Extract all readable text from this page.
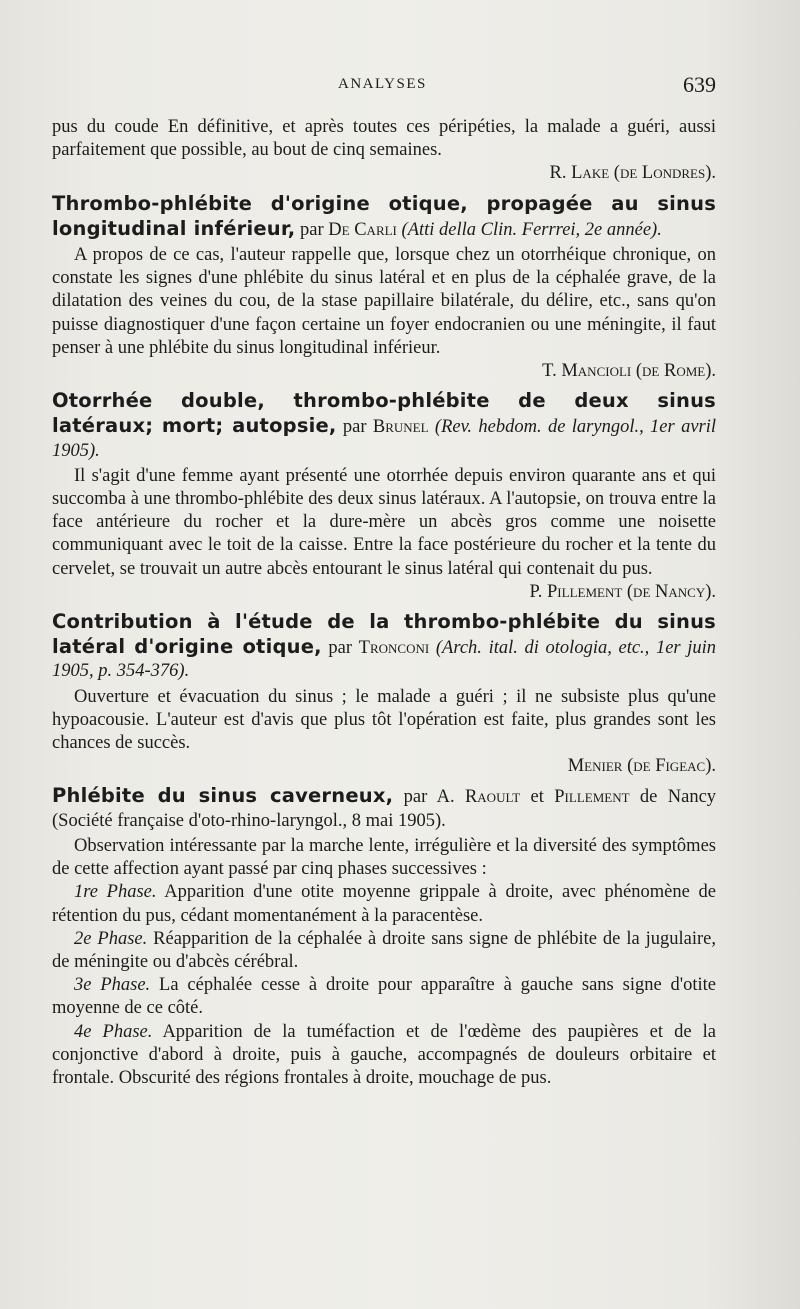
ANALYSES	639

pus du coude En définitive, et après toutes ces péripéties, la malade a guéri, aussi parfaitement que possible, au bout de cinq semaines.

R. Lake (de Londres).

Thrombo-phlébite d'origine otique, propagée au sinus longitudinal inférieur, par De Carli (Atti della Clin. Ferrrei, 2e année).

A propos de ce cas, l'auteur rappelle que, lorsque chez un otorrhéique chronique, on constate les signes d'une phlébite du sinus latéral et en plus de la céphalée grave, de la dilatation des veines du cou, de la stase papillaire bilatérale, du délire, etc., sans qu'on puisse diagnostiquer d'une façon certaine un foyer endocranien ou une méningite, il faut penser à une phlébite du sinus longitudinal inférieur.

T. Mancioli (de Rome).

Otorrhée double, thrombo-phlébite de deux sinus latéraux; mort; autopsie, par Brunel (Rev. hebdom. de laryngol., 1er avril 1905).

Il s'agit d'une femme ayant présenté une otorrhée depuis environ quarante ans et qui succomba à une thrombo-phlébite des deux sinus latéraux. A l'autopsie, on trouva entre la face antérieure du rocher et la dure-mère un abcès gros comme une noisette communiquant avec le toit de la caisse. Entre la face postérieure du rocher et la tente du cervelet, se trouvait un autre abcès entourant le sinus latéral qui contenait du pus.

P. Pillement (de Nancy).

Contribution à l'étude de la thrombo-phlébite du sinus latéral d'origine otique, par Tronconi (Arch. ital. di otologia, etc., 1er juin 1905, p. 354-376).

Ouverture et évacuation du sinus ; le malade a guéri ; il ne subsiste plus qu'une hypoacousie. L'auteur est d'avis que plus tôt l'opération est faite, plus grandes sont les chances de succès.

Menier (de Figeac).

Phlébite du sinus caverneux, par A. Raoult et Pillement de Nancy (Société française d'oto-rhino-laryngol., 8 mai 1905).

Observation intéressante par la marche lente, irrégulière et la diversité des symptômes de cette affection ayant passé par cinq phases successives :

1re Phase. Apparition d'une otite moyenne grippale à droite, avec phénomène de rétention du pus, cédant momentanément à la paracentèse.

2e Phase. Réapparition de la céphalée à droite sans signe de phlébite de la jugulaire, de méningite ou d'abcès cérébral.

3e Phase. La céphalée cesse à droite pour apparaître à gauche sans signe d'otite moyenne de ce côté.

4e Phase. Apparition de la tuméfaction et de l'œdème des paupières et de la conjonctive d'abord à droite, puis à gauche, accompagnés de douleurs orbitaire et frontale. Obscurité des régions frontales à droite, mouchage de pus.
